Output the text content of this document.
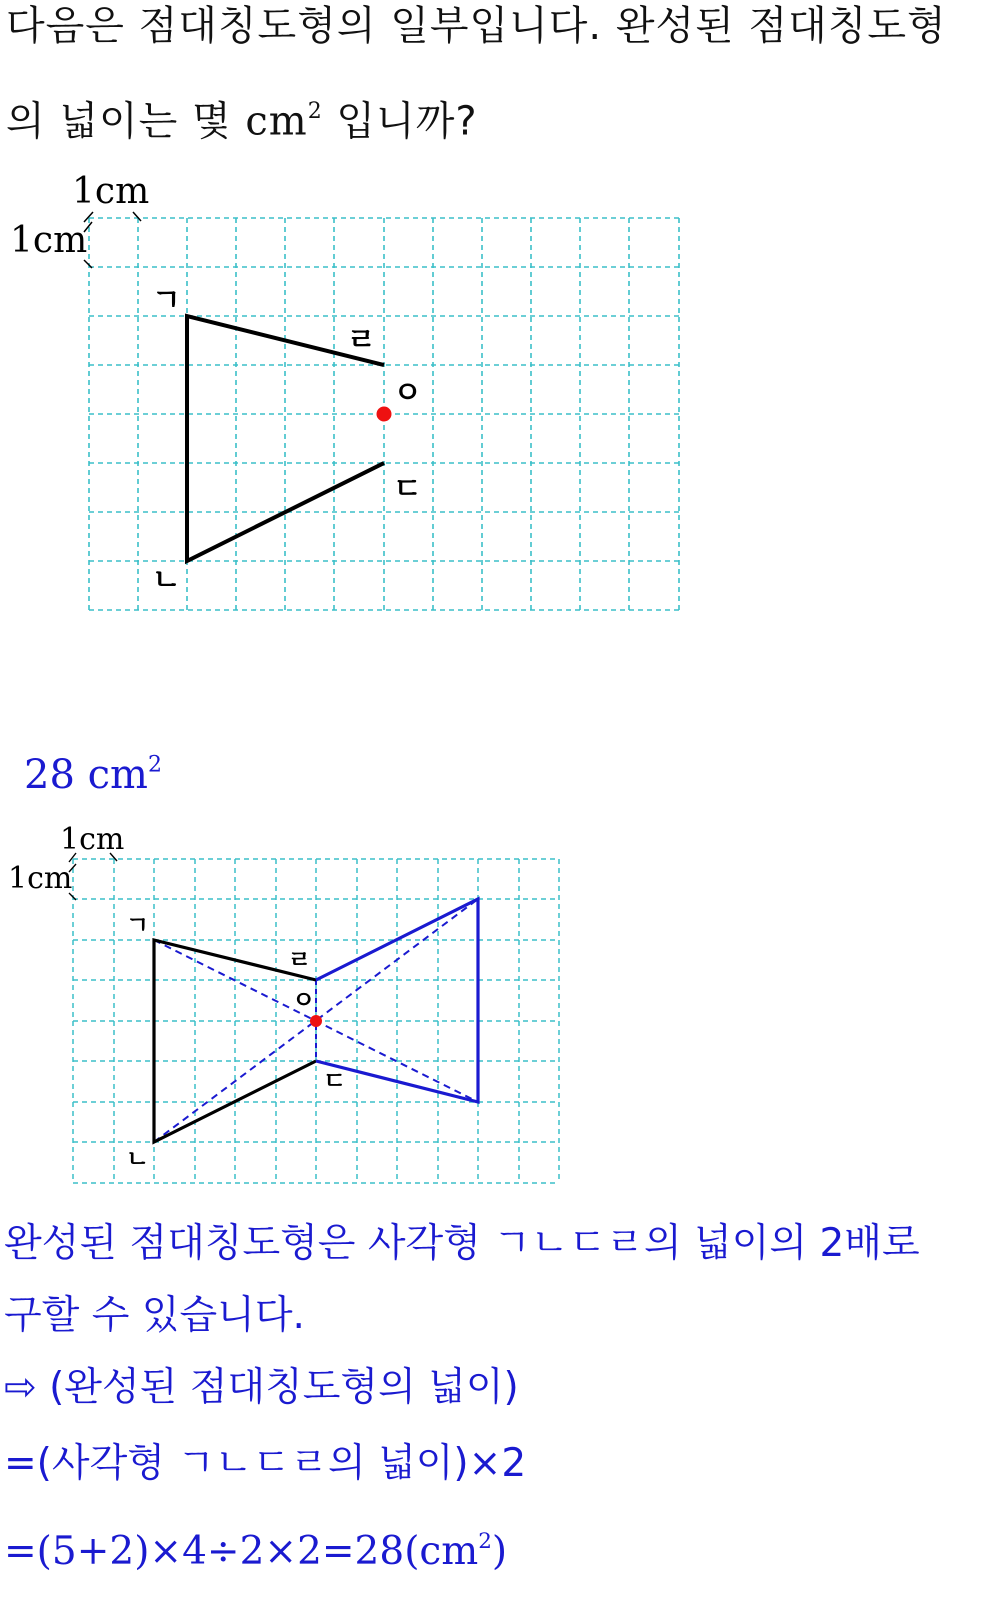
다음은 점대칭도형의 일부입니다. 완성된 점대칭도형
의 넓이는 몇 $cm^2$ 입니까?
1cm
1cm
ㄱ
ㄹ
ㅇ
ㄷ
ㄴ
28 $cm^2$
1cm
1cm
ㄱ
ㄹ
ㅇ
ㄷ
ㄴ
완성된 점대칭도형은 사각형 ㄱㄴㄷㄹ의 넓이의 2배로
구할 수 있습니다.
⇨ (완성된 점대칭도형의 넓이)
=(사각형 ㄱㄴㄷㄹ의 넓이)×2
$=(5+2)\times 4\div 2\times 2=28(cm^2)$
